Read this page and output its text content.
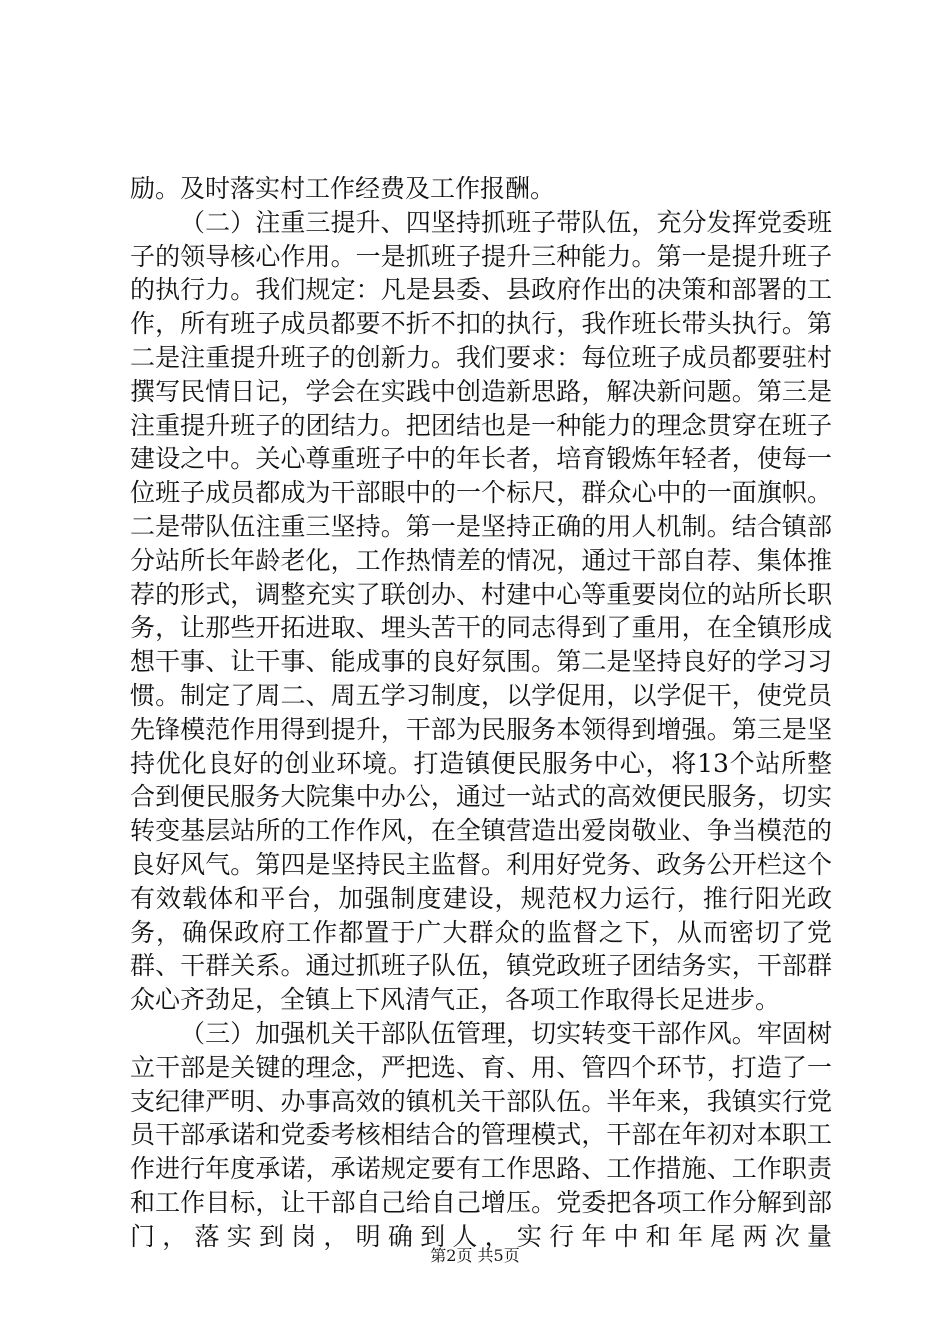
励。及时落实村工作经费及工作报酬。

（二）注重三提升、四坚持抓班子带队伍，充分发挥党委班子的领导核心作用。一是抓班子提升三种能力。第一是提升班子的执行力。我们规定：凡是县委、县政府作出的决策和部署的工作，所有班子成员都要不折不扣的执行，我作班长带头执行。第二是注重提升班子的创新力。我们要求：每位班子成员都要驻村撰写民情日记，学会在实践中创造新思路，解决新问题。第三是注重提升班子的团结力。把团结也是一种能力的理念贯穿在班子建设之中。关心尊重班子中的年长者，培育锻炼年轻者，使每一位班子成员都成为干部眼中的一个标尺，群众心中的一面旗帜。二是带队伍注重三坚持。第一是坚持正确的用人机制。结合镇部分站所长年龄老化，工作热情差的情况，通过干部自荐、集体推荐的形式，调整充实了联创办、村建中心等重要岗位的站所长职务，让那些开拓进取、埋头苦干的同志得到了重用，在全镇形成想干事、让干事、能成事的良好氛围。第二是坚持良好的学习习惯。制定了周二、周五学习制度，以学促用，以学促干，使党员先锋模范作用得到提升，干部为民服务本领得到增强。第三是坚持优化良好的创业环境。打造镇便民服务中心，将13个站所整合到便民服务大院集中办公，通过一站式的高效便民服务，切实转变基层站所的工作作风，在全镇营造出爱岗敬业、争当模范的良好风气。第四是坚持民主监督。利用好党务、政务公开栏这个有效载体和平台，加强制度建设，规范权力运行，推行阳光政务，确保政府工作都置于广大群众的监督之下，从而密切了党群、干群关系。通过抓班子队伍，镇党政班子团结务实，干部群众心齐劲足，全镇上下风清气正，各项工作取得长足进步。

（三）加强机关干部队伍管理，切实转变干部作风。牢固树立干部是关键的理念，严把选、育、用、管四个环节，打造了一支纪律严明、办事高效的镇机关干部队伍。半年来，我镇实行党员干部承诺和党委考核相结合的管理模式，干部在年初对本职工作进行年度承诺，承诺规定要有工作思路、工作措施、工作职责和工作目标，让干部自己给自己增压。党委把各项工作分解到部门，落实到岗，明确到人，实行年中和年尾两次量

第2页 共5页
